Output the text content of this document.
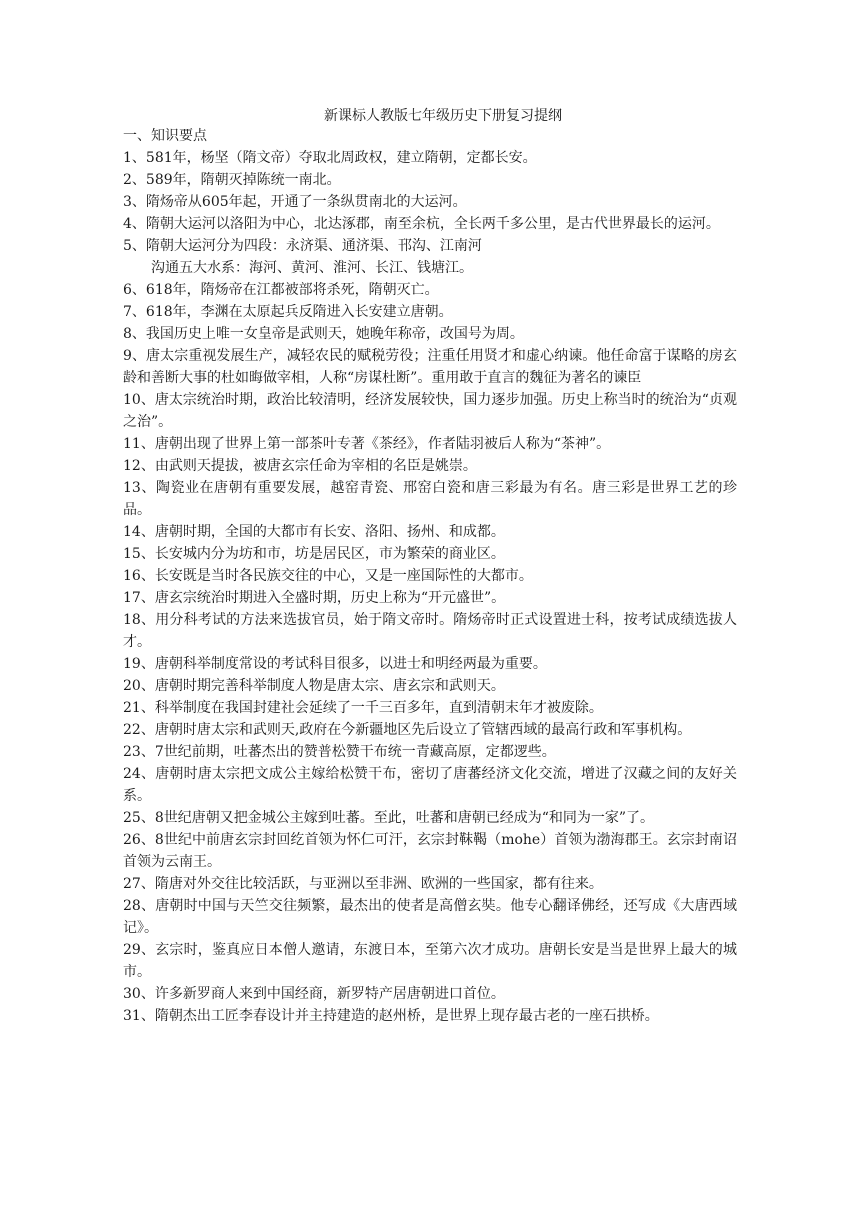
新课标人教版七年级历史下册复习提纲

一、知识要点

1、581年，杨坚（隋文帝）夺取北周政权，建立隋朝，定都长安。

2、589年，隋朝灭掉陈统一南北。

3、隋炀帝从605年起，开通了一条纵贯南北的大运河。

4、隋朝大运河以洛阳为中心，北达涿郡，南至余杭，全长两千多公里，是古代世界最长的运河。

5、隋朝大运河分为四段：永济渠、通济渠、邗沟、江南河

沟通五大水系：海河、黄河、淮河、长江、钱塘江。

6、618年，隋炀帝在江都被部将杀死，隋朝灭亡。

7、618年，李渊在太原起兵反隋进入长安建立唐朝。

8、我国历史上唯一女皇帝是武则天，她晚年称帝，改国号为周。

9、唐太宗重视发展生产，减轻农民的赋税劳役；注重任用贤才和虚心纳谏。他任命富于谋略的房玄龄和善断大事的杜如晦做宰相，人称“房谋杜断”。重用敢于直言的魏征为著名的谏臣

10、唐太宗统治时期，政治比较清明，经济发展较快，国力逐步加强。历史上称当时的统治为“贞观之治”。

11、唐朝出现了世界上第一部茶叶专著《茶经》，作者陆羽被后人称为“茶神”。

12、由武则天提拔，被唐玄宗任命为宰相的名臣是姚崇。

13、陶瓷业在唐朝有重要发展，越窑青瓷、邢窑白瓷和唐三彩最为有名。唐三彩是世界工艺的珍品。

14、唐朝时期，全国的大都市有长安、洛阳、扬州、和成都。

15、长安城内分为坊和市，坊是居民区，市为繁荣的商业区。

16、长安既是当时各民族交往的中心，又是一座国际性的大都市。

17、唐玄宗统治时期进入全盛时期，历史上称为“开元盛世”。

18、用分科考试的方法来选拔官员，始于隋文帝时。隋炀帝时正式设置进士科，按考试成绩选拔人才。

19、唐朝科举制度常设的考试科目很多，以进士和明经两最为重要。

20、唐朝时期完善科举制度人物是唐太宗、唐玄宗和武则天。

21、科举制度在我国封建社会延续了一千三百多年，直到清朝末年才被废除。

22、唐朝时唐太宗和武则天,政府在今新疆地区先后设立了管辖西域的最高行政和军事机构。

23、7世纪前期，吐蕃杰出的赞普松赞干布统一青藏高原，定都逻些。

24、唐朝时唐太宗把文成公主嫁给松赞干布，密切了唐蕃经济文化交流，增进了汉藏之间的友好关系。

25、8世纪唐朝又把金城公主嫁到吐蕃。至此，吐蕃和唐朝已经成为“和同为一家”了。

26、8世纪中前唐玄宗封回纥首领为怀仁可汗，玄宗封靺鞨（mohe）首领为渤海郡王。玄宗封南诏首领为云南王。

27、隋唐对外交往比较活跃，与亚洲以至非洲、欧洲的一些国家，都有往来。

28、唐朝时中国与天竺交往频繁，最杰出的使者是高僧玄奘。他专心翻译佛经，还写成《大唐西域记》。

29、玄宗时，鉴真应日本僧人邀请，东渡日本，至第六次才成功。唐朝长安是当是世界上最大的城市。

30、许多新罗商人来到中国经商，新罗特产居唐朝进口首位。

31、隋朝杰出工匠李春设计并主持建造的赵州桥，是世界上现存最古老的一座石拱桥。
